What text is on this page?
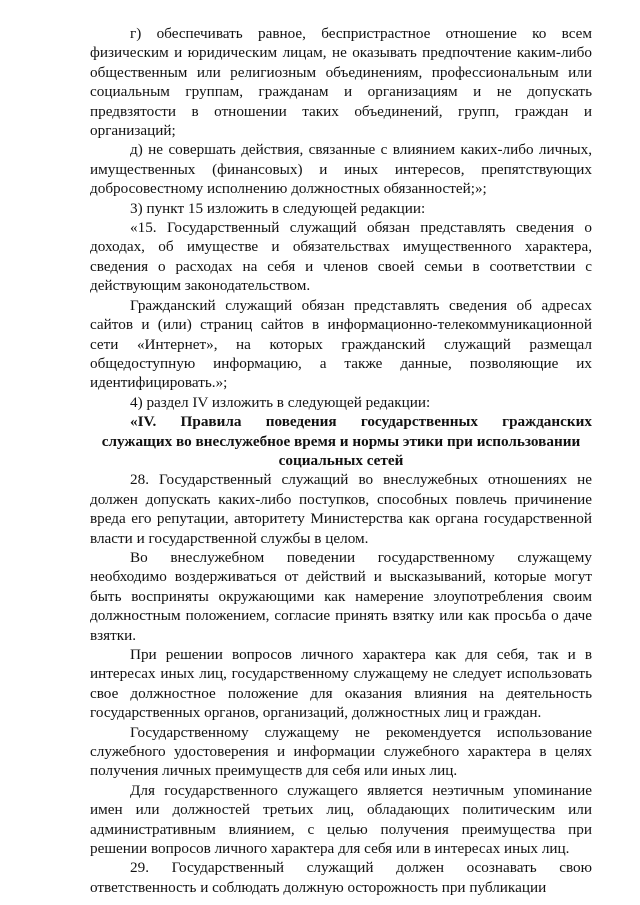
г) обеспечивать равное, беспристрастное отношение ко всем физическим и юридическим лицам, не оказывать предпочтение каким-либо общественным или религиозным объединениям, профессиональным или социальным группам, гражданам и организациям и не допускать предвзятости в отношении таких объединений, групп, граждан и организаций;

д) не совершать действия, связанные с влиянием каких-либо личных, имущественных (финансовых) и иных интересов, препятствующих добросовестному исполнению должностных обязанностей;»;

3) пункт 15 изложить в следующей редакции:

«15. Государственный служащий обязан представлять сведения о доходах, об имуществе и обязательствах имущественного характера, сведения о расходах на себя и членов своей семьи в соответствии с действующим законодательством.

Гражданский служащий обязан представлять сведения об адресах сайтов и (или) страниц сайтов в информационно-телекоммуникационной сети «Интернет», на которых гражданский служащий размещал общедоступную информацию, а также данные, позволяющие их идентифицировать.»;

4) раздел IV изложить в следующей редакции:

«IV. Правила поведения государственных гражданских
служащих во внеслужебное время и нормы этики при использовании социальных сетей

28. Государственный служащий во внеслужебных отношениях не должен допускать каких-либо поступков, способных повлечь причинение вреда его репутации, авторитету Министерства как органа государственной власти и государственной службы в целом.

Во внеслужебном поведении государственному служащему необходимо воздерживаться от действий и высказываний, которые могут быть восприняты окружающими как намерение злоупотребления своим должностным положением, согласие принять взятку или как просьба о даче взятки.

При решении вопросов личного характера как для себя, так и в интересах иных лиц, государственному служащему не следует использовать свое должностное положение для оказания влияния на деятельность государственных органов, организаций, должностных лиц и граждан.

Государственному служащему не рекомендуется использование служебного удостоверения и информации служебного характера в целях получения личных преимуществ для себя или иных лиц.

Для государственного служащего является неэтичным упоминание имен или должностей третьих лиц, обладающих политическим или административным влиянием, с целью получения преимущества при решении вопросов личного характера для себя или в интересах иных лиц.

29. Государственный служащий должен осознавать свою ответственность и соблюдать должную осторожность при публикации
